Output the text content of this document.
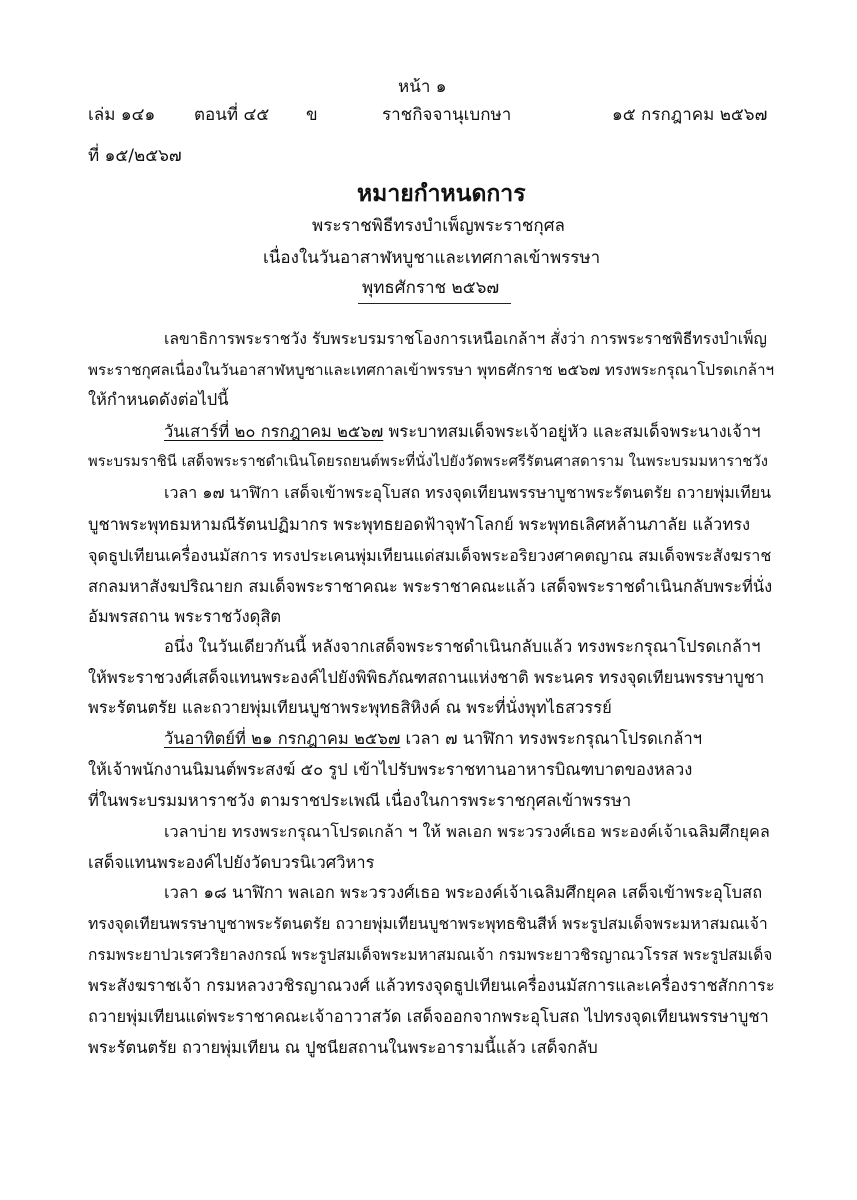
หน้า ๑
เล่ม ๑๔๑ ตอนที่ ๔๕ ข	ราชกิจจานุเบกษา	๑๕ กรกฎาคม ๒๕๖๗
ที่ ๑๕/๒๕๖๗
หมายกำหนดการ
พระราชพิธีทรงบำเพ็ญพระราชกุศล
เนื่องในวันอาสาฬหบูชาและเทศกาลเข้าพรรษา
พุทธศักราช ๒๕๖๗
เลขาธิการพระราชวัง รับพระบรมราชโองการเหนือเกล้าฯ สั่งว่า การพระราชพิธีทรงบำเพ็ญ
พระราชกุศลเนื่องในวันอาสาฬหบูชาและเทศกาลเข้าพรรษา พุทธศักราช ๒๕๖๗ ทรงพระกรุณาโปรดเกล้าฯ
ให้กำหนดดังต่อไปนี้
วันเสาร์ที่ ๒๐ กรกฎาคม ๒๕๖๗ พระบาทสมเด็จพระเจ้าอยู่หัว และสมเด็จพระนางเจ้าฯ
พระบรมราชินี เสด็จพระราชดำเนินโดยรถยนต์พระที่นั่งไปยังวัดพระศรีรัตนศาสดาราม ในพระบรมมหาราชวัง
เวลา ๑๗ นาฬิกา เสด็จเข้าพระอุโบสถ ทรงจุดเทียนพรรษาบูชาพระรัตนตรัย ถวายพุ่มเทียน
บูชาพระพุทธมหามณีรัตนปฏิมากร พระพุทธยอดฟ้าจุฬาโลกย์ พระพุทธเลิศหล้านภาลัย แล้วทรง
จุดธูปเทียนเครื่องนมัสการ ทรงประเคนพุ่มเทียนแด่สมเด็จพระอริยวงศาคตญาณ สมเด็จพระสังฆราช
สกลมหาสังฆปริณายก สมเด็จพระราชาคณะ พระราชาคณะแล้ว เสด็จพระราชดำเนินกลับพระที่นั่ง
อัมพรสถาน พระราชวังดุสิต
อนึ่ง ในวันเดียวกันนี้ หลังจากเสด็จพระราชดำเนินกลับแล้ว ทรงพระกรุณาโปรดเกล้าฯ
ให้พระราชวงศ์เสด็จแทนพระองค์ไปยังพิพิธภัณฑสถานแห่งชาติ พระนคร ทรงจุดเทียนพรรษาบูชา
พระรัตนตรัย และถวายพุ่มเทียนบูชาพระพุทธสิหิงค์ ณ พระที่นั่งพุทไธสวรรย์
วันอาทิตย์ที่ ๒๑ กรกฎาคม ๒๕๖๗ เวลา ๗ นาฬิกา ทรงพระกรุณาโปรดเกล้าฯ
ให้เจ้าพนักงานนิมนต์พระสงฆ์ ๕๐ รูป เข้าไปรับพระราชทานอาหารบิณฑบาตของหลวง
ที่ในพระบรมมหาราชวัง ตามราชประเพณี เนื่องในการพระราชกุศลเข้าพรรษา
เวลาบ่าย ทรงพระกรุณาโปรดเกล้า ฯ ให้ พลเอก พระวรวงศ์เธอ พระองค์เจ้าเฉลิมศึกยุคล
เสด็จแทนพระองค์ไปยังวัดบวรนิเวศวิหาร
เวลา ๑๘ นาฬิกา พลเอก พระวรวงศ์เธอ พระองค์เจ้าเฉลิมศึกยุคล เสด็จเข้าพระอุโบสถ
ทรงจุดเทียนพรรษาบูชาพระรัตนตรัย ถวายพุ่มเทียนบูชาพระพุทธชินสีห์ พระรูปสมเด็จพระมหาสมณเจ้า
กรมพระยาปวเรศวริยาลงกรณ์ พระรูปสมเด็จพระมหาสมณเจ้า กรมพระยาวชิรญาณวโรรส พระรูปสมเด็จ
พระสังฆราชเจ้า กรมหลวงวชิรญาณวงศ์ แล้วทรงจุดธูปเทียนเครื่องนมัสการและเครื่องราชสักการะ
ถวายพุ่มเทียนแด่พระราชาคณะเจ้าอาวาสวัด เสด็จออกจากพระอุโบสถ ไปทรงจุดเทียนพรรษาบูชา
พระรัตนตรัย ถวายพุ่มเทียน ณ ปูชนียสถานในพระอารามนี้แล้ว เสด็จกลับ
